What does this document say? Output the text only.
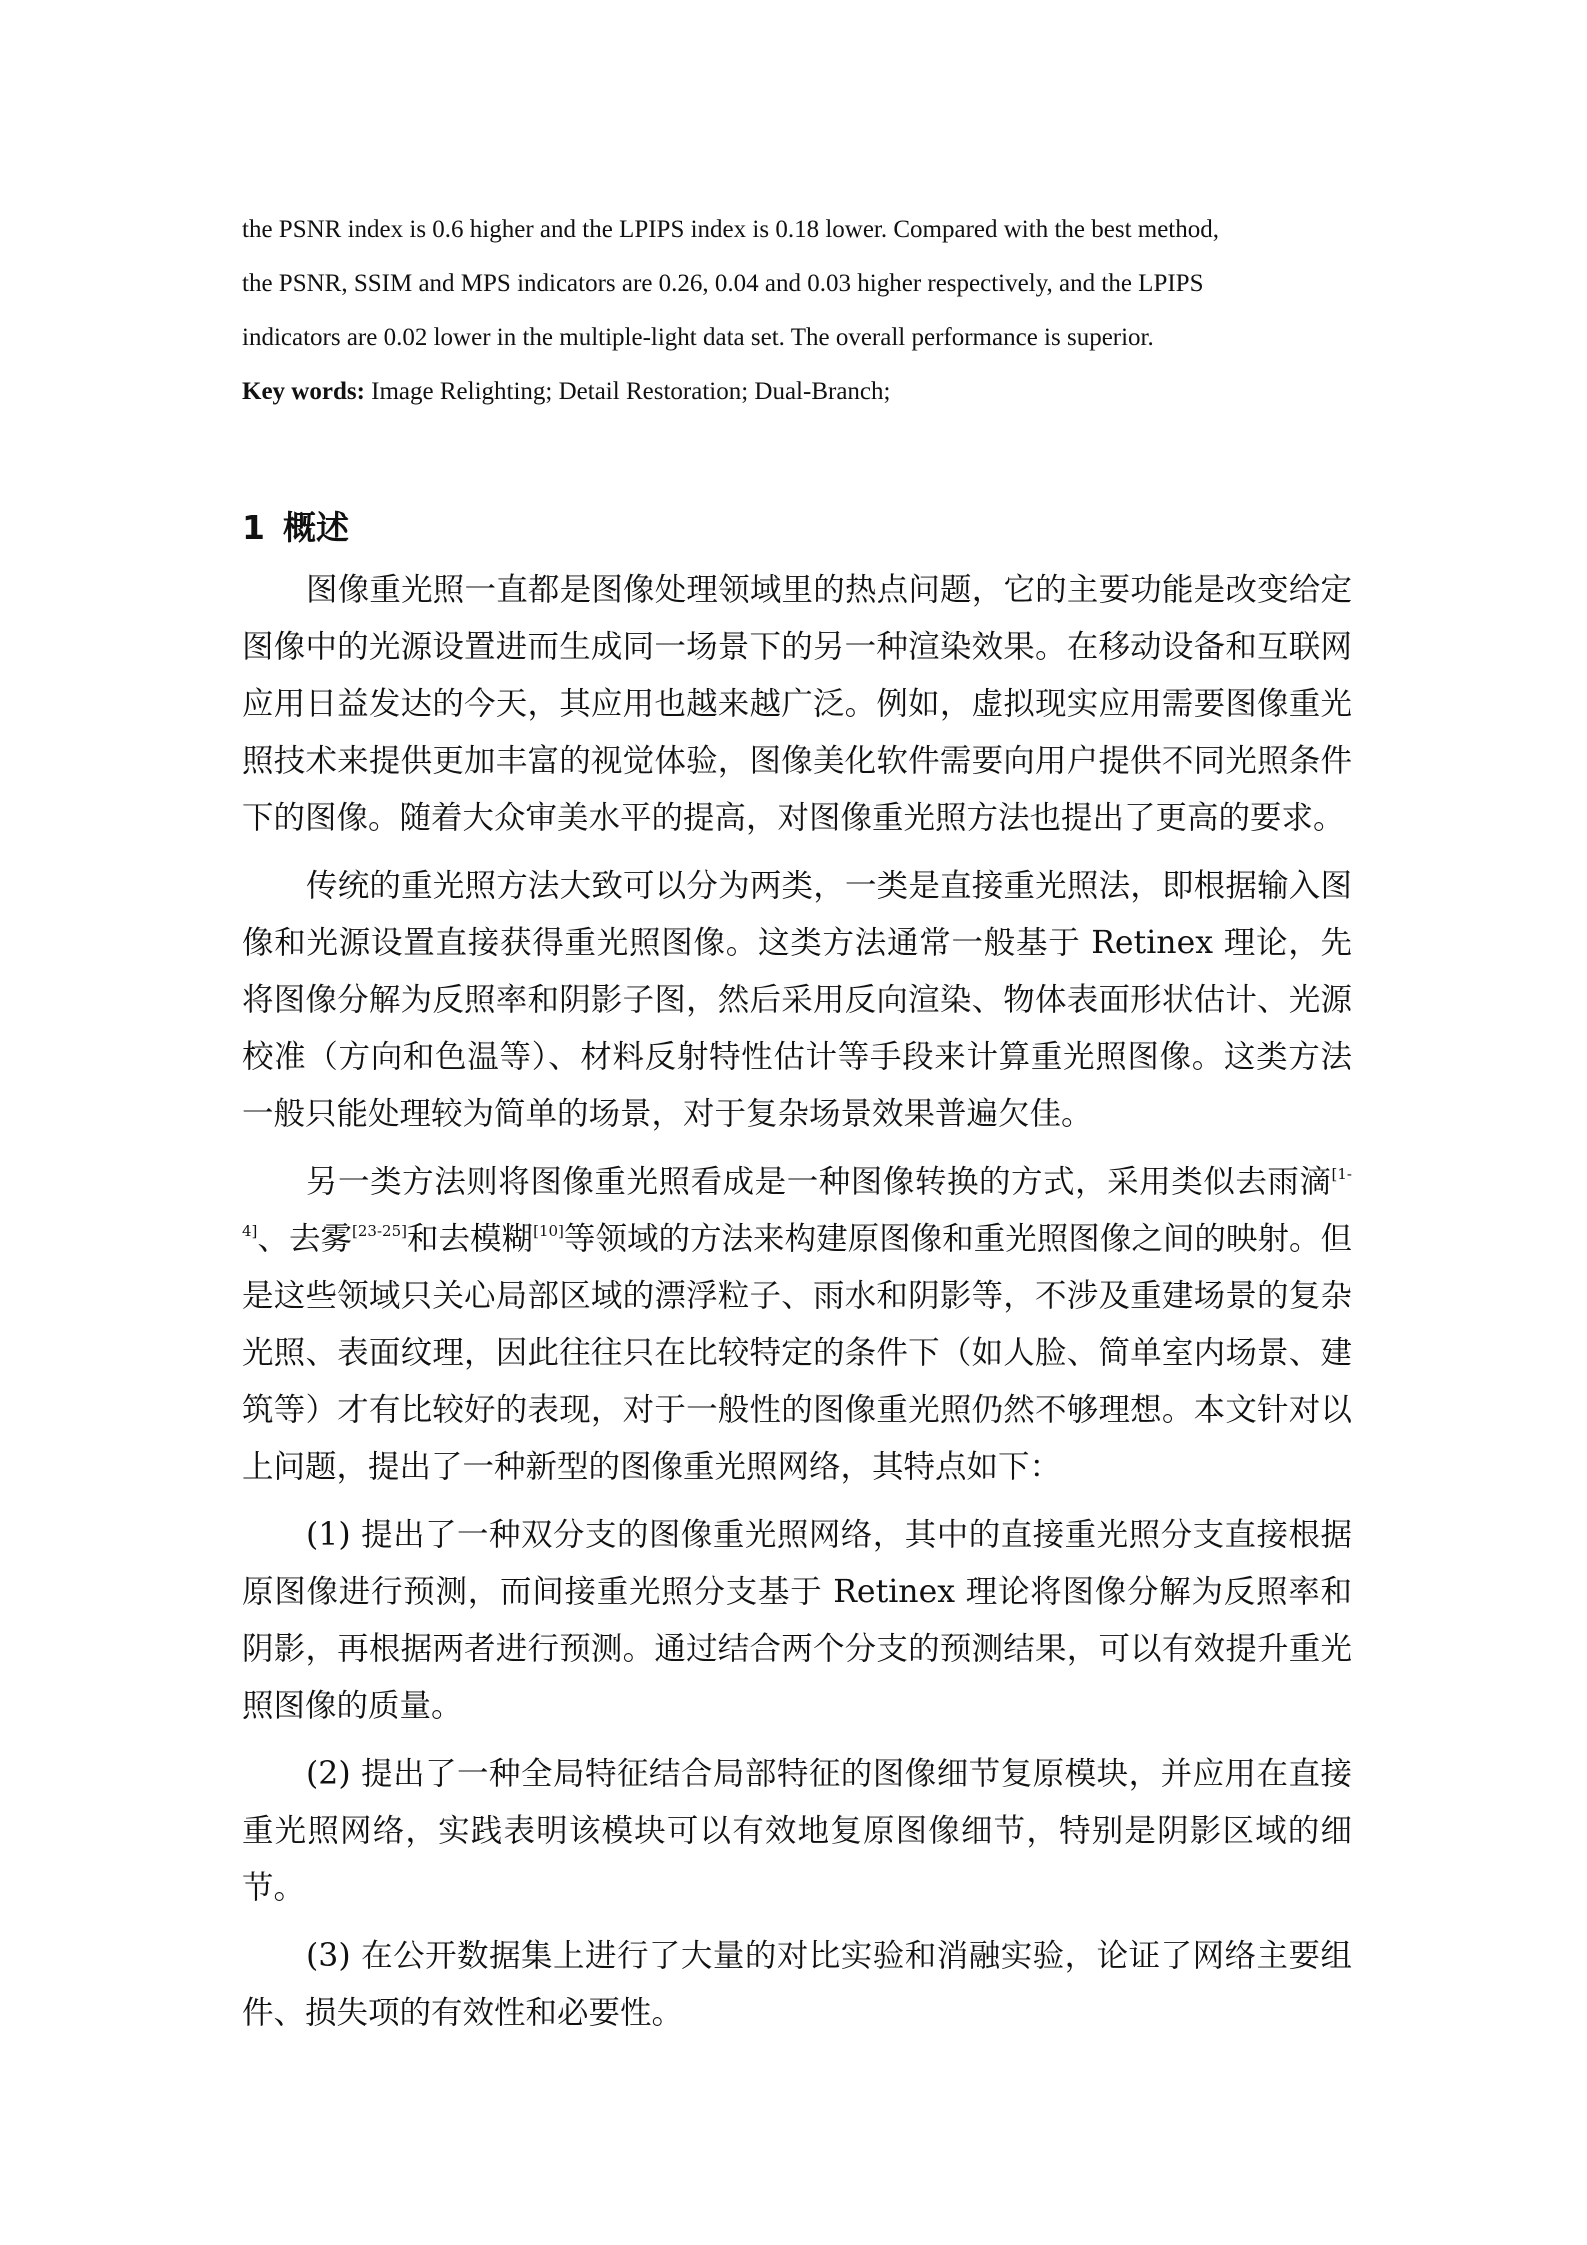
the PSNR index is 0.6 higher and the LPIPS index is 0.18 lower. Compared with the best method,
the PSNR, SSIM and MPS indicators are 0.26, 0.04 and 0.03 higher respectively, and the LPIPS
indicators are 0.02 lower in the multiple-light data set. The overall performance is superior.
Key words: Image Relighting; Detail Restoration; Dual-Branch;
1 概述

图像重光照一直都是图像处理领域里的热点问题，它的主要功能是改变给定图像中的光源设置进而生成同一场景下的另一种渲染效果。在移动设备和互联网应用日益发达的今天，其应用也越来越广泛。例如，虚拟现实应用需要图像重光照技术来提供更加丰富的视觉体验，图像美化软件需要向用户提供不同光照条件下的图像。随着大众审美水平的提高，对图像重光照方法也提出了更高的要求。

传统的重光照方法大致可以分为两类，一类是直接重光照法，即根据输入图像和光源设置直接获得重光照图像。这类方法通常一般基于 Retinex 理论，先将图像分解为反照率和阴影子图，然后采用反向渲染、物体表面形状估计、光源校准（方向和色温等）、材料反射特性估计等手段来计算重光照图像。这类方法一般只能处理较为简单的场景，对于复杂场景效果普遍欠佳。

另一类方法则将图像重光照看成是一种图像转换的方式，采用类似去雨滴[1-4]、去雾[23-25]和去模糊[10]等领域的方法来构建原图像和重光照图像之间的映射。但是这些领域只关心局部区域的漂浮粒子、雨水和阴影等，不涉及重建场景的复杂光照、表面纹理，因此往往只在比较特定的条件下（如人脸、简单室内场景、建筑等）才有比较好的表现，对于一般性的图像重光照仍然不够理想。本文针对以上问题，提出了一种新型的图像重光照网络，其特点如下：

(1) 提出了一种双分支的图像重光照网络，其中的直接重光照分支直接根据原图像进行预测，而间接重光照分支基于 Retinex 理论将图像分解为反照率和阴影，再根据两者进行预测。通过结合两个分支的预测结果，可以有效提升重光照图像的质量。

(2) 提出了一种全局特征结合局部特征的图像细节复原模块，并应用在直接重光照网络，实践表明该模块可以有效地复原图像细节，特别是阴影区域的细节。

(3) 在公开数据集上进行了大量的对比实验和消融实验，论证了网络主要组件、损失项的有效性和必要性。
